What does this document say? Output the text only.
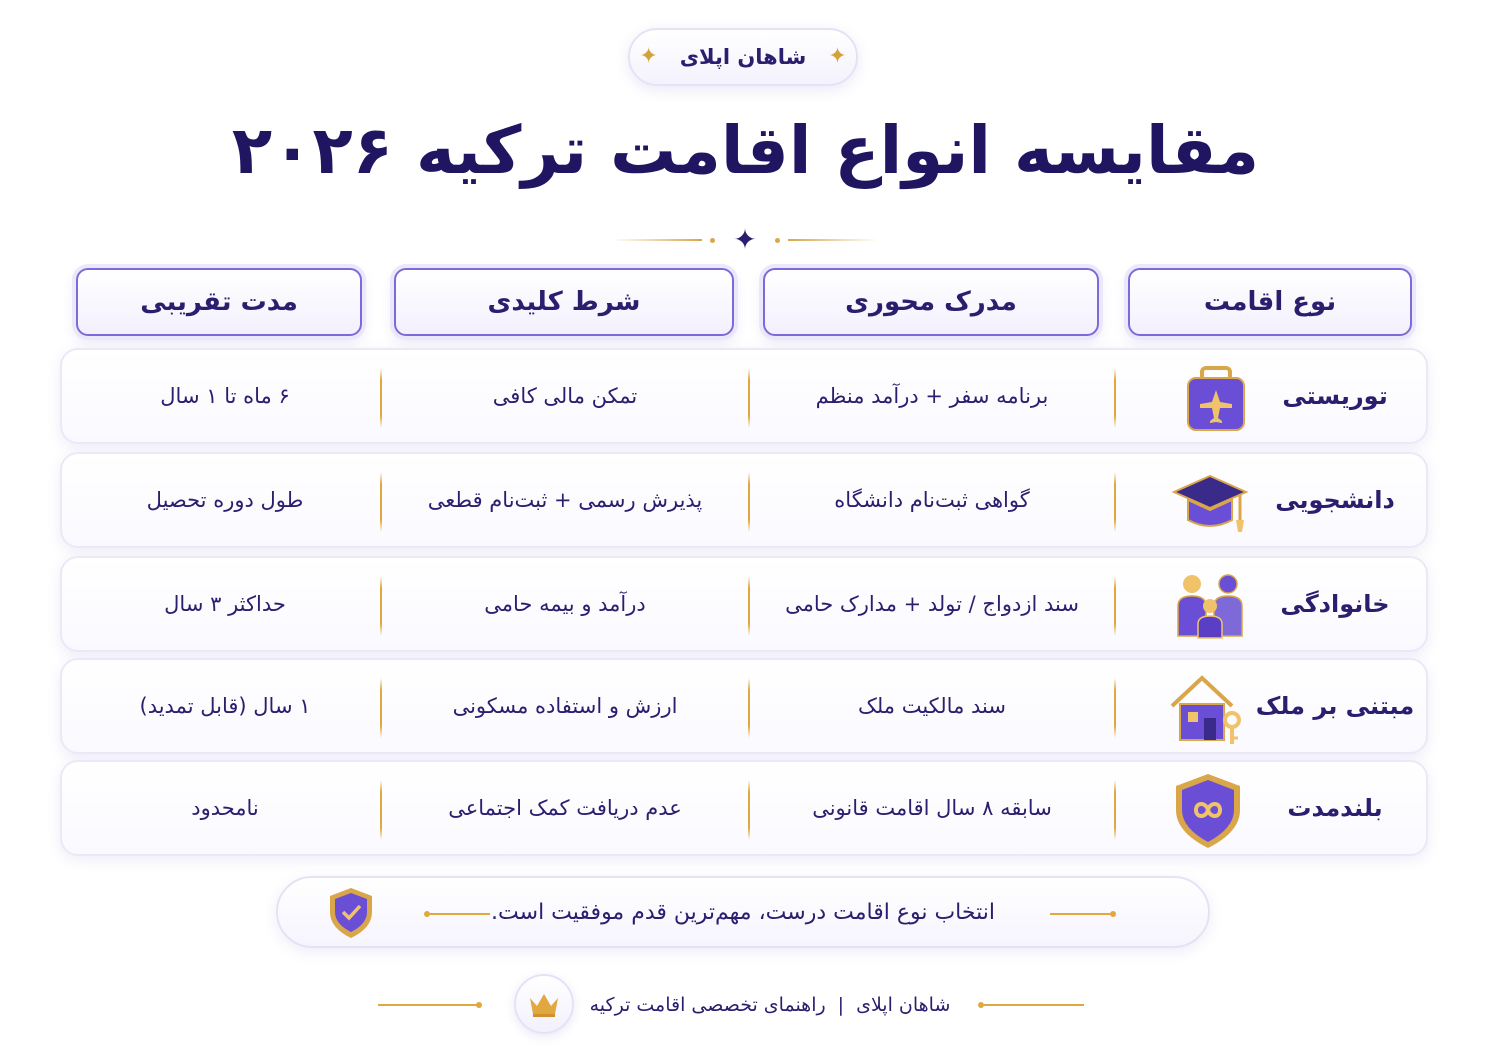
✦
شاهان اپلای
✦
مقایسه انواع اقامت ترکیه ۲۰۲۶
✦
نوع اقامت
مدرک محوری
شرط کلیدی
مدت تقریبی
توریستی
برنامه سفر + درآمد منظم
تمکن مالی کافی
۶ ماه تا ۱ سال
دانشجویی
گواهی ثبت‌نام دانشگاه
پذیرش رسمی + ثبت‌نام قطعی
طول دوره تحصیل
خانوادگی
سند ازدواج / تولد + مدارک حامی
درآمد و بیمه حامی
حداکثر ۳ سال
مبتنی بر ملک
سند مالکیت ملک
ارزش و استفاده مسکونی
۱ سال (قابل تمدید)
بلندمدت
سابقه ۸ سال اقامت قانونی
عدم دریافت کمک اجتماعی
نامحدود
انتخاب نوع اقامت درست، مهم‌ترین قدم موفقیت است.
شاهان اپلای
|
راهنمای تخصصی اقامت ترکیه
